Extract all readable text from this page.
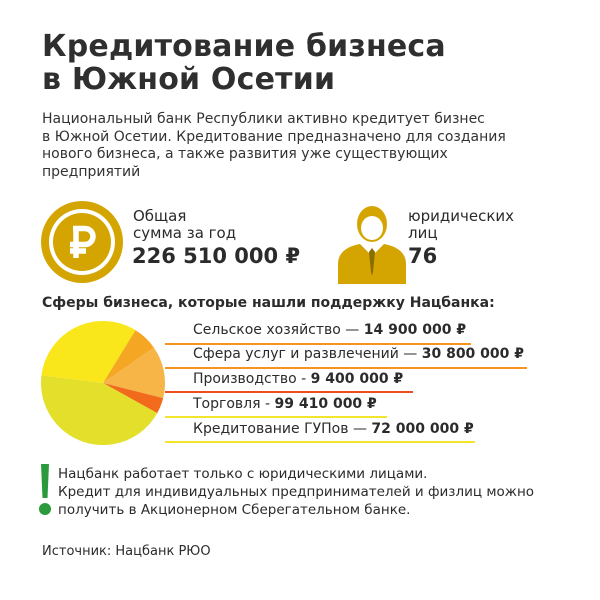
Кредитование бизнеса
в Южной Осетии
Национальный банк Республики активно кредитует бизнес
в Южной Осетии. Кредитование предназначено для создания
нового бизнеса, а также развития уже существующих
предприятий
Общая
сумма за год
226 510 000 ₽
юридических
лиц
76
Сферы бизнеса, которые нашли поддержку Нацбанка:
Сельское хозяйство — 14 900 000 ₽
Сфера услуг и развлечений — 30 800 000 ₽
Производство - 9 400 000 ₽
Торговля - 99 410 000 ₽
Кредитование ГУПов — 72 000 000 ₽
Нацбанк работает только с юридическими лицами.
Кредит для индивидуальных предпринимателей и физлиц можно
получить в Акционерном Сберегательном банке.
Источник: Нацбанк РЮО
